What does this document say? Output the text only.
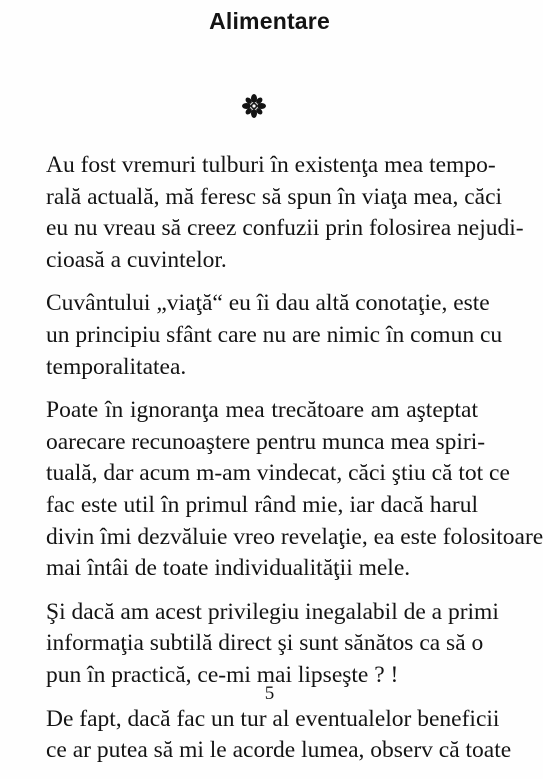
Alimentare

Au fost vremuri tulburi în existenţa mea tempo-
rală actuală, mă feresc să spun în viaţa mea, căci
eu nu vreau să creez confuzii prin folosirea nejudi-
cioasă a cuvintelor.

Cuvântului „viaţă“ eu îi dau altă conotaţie, este
un principiu sfânt care nu are nimic în comun cu
temporalitatea.

Poate în ignoranţa mea trecătoare am aşteptat
oarecare recunoaştere pentru munca mea spiri-
tuală, dar acum m-am vindecat, căci ştiu că tot ce
fac este util în primul rând mie, iar dacă harul
divin îmi dezvăluie vreo revelaţie, ea este folositoare
mai întâi de toate individualităţii mele.

Şi dacă am acest privilegiu inegalabil de a primi
informaţia subtilă direct şi sunt sănătos ca să o
pun în practică, ce-mi mai lipseşte ? !

De fapt, dacă fac un tur al eventualelor beneficii
ce ar putea să mi le acorde lumea, observ că toate

5
